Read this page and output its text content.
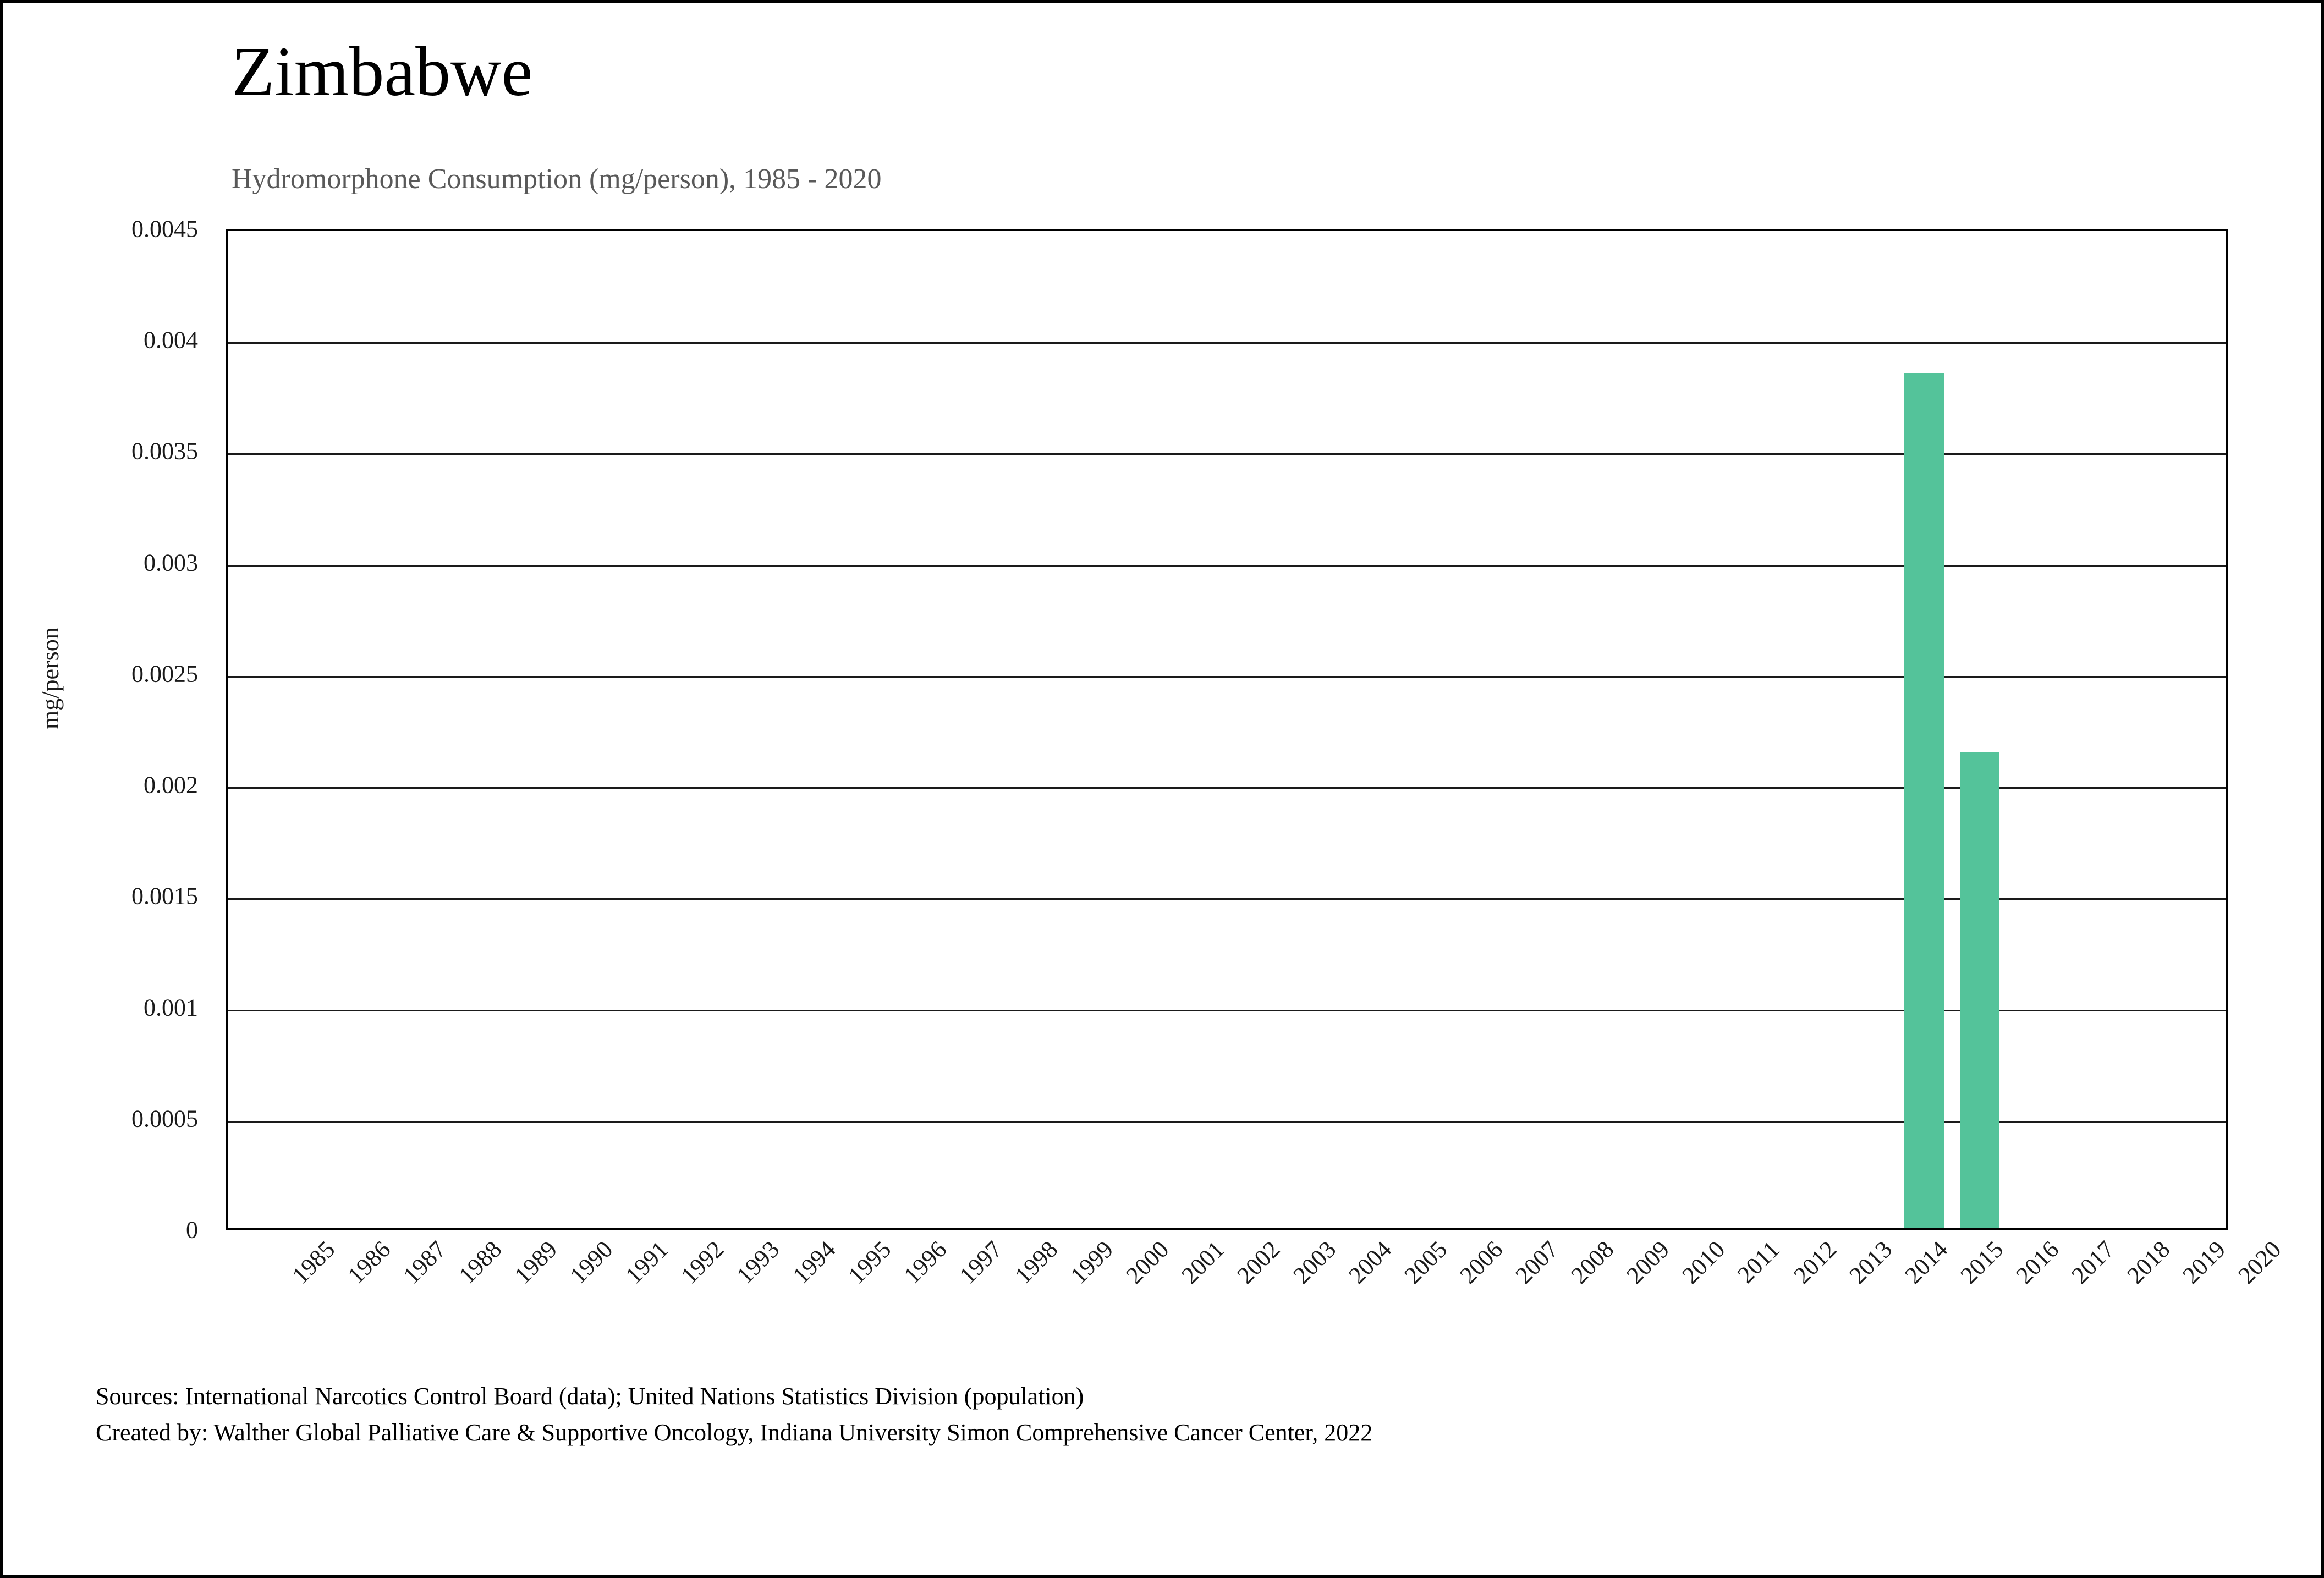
Zimbabwe
Hydromorphone Consumption (mg/person), 1985 - 2020
mg/person
0.0045
0.004
0.0035
0.003
0.0025
0.002
0.0015
0.001
0.0005
0
1985 1986 1987 1988 1989 1990 1991 1992 1993 1994 1995 1996 1997 1998 1999 2000 2001 2002 2003 2004 2005 2006 2007 2008 2009 2010 2011 2012 2013 2014 2015 2016 2017 2018 2019 2020
Sources: International Narcotics Control Board (data); United Nations Statistics Division (population)
Created by: Walther Global Palliative Care & Supportive Oncology, Indiana University Simon Comprehensive Cancer Center, 2022
